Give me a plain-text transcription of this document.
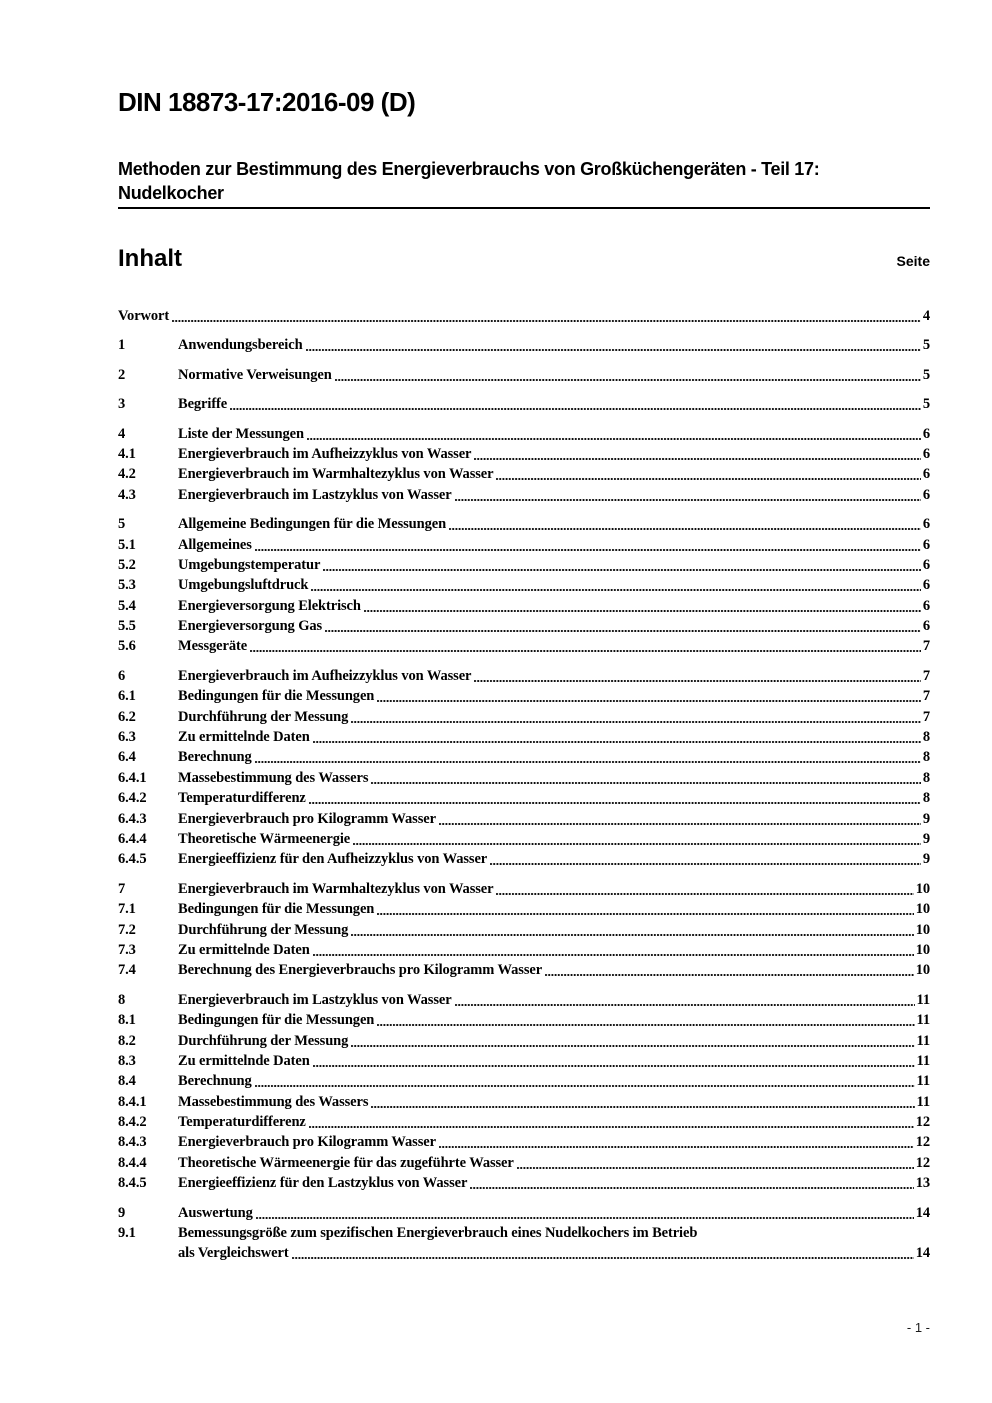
DIN 18873-17:2016-09 (D)
Methoden zur Bestimmung des Energieverbrauchs von Großküchengeräten - Teil 17:
Nudelkocher
Inhalt	Seite
Vorwort	4
1	Anwendungsbereich	5
2	Normative Verweisungen	5
3	Begriffe	5
4	Liste der Messungen	6
4.1	Energieverbrauch im Aufheizzyklus von Wasser	6
4.2	Energieverbrauch im Warmhaltezyklus von Wasser	6
4.3	Energieverbrauch im Lastzyklus von Wasser	6
5	Allgemeine Bedingungen für die Messungen	6
5.1	Allgemeines	6
5.2	Umgebungstemperatur	6
5.3	Umgebungsluftdruck	6
5.4	Energieversorgung Elektrisch	6
5.5	Energieversorgung Gas	6
5.6	Messgeräte	7
6	Energieverbrauch im Aufheizzyklus von Wasser	7
6.1	Bedingungen für die Messungen	7
6.2	Durchführung der Messung	7
6.3	Zu ermittelnde Daten	8
6.4	Berechnung	8
6.4.1	Massebestimmung des Wassers	8
6.4.2	Temperaturdifferenz	8
6.4.3	Energieverbrauch pro Kilogramm Wasser	9
6.4.4	Theoretische Wärmeenergie	9
6.4.5	Energieeffizienz für den Aufheizzyklus von Wasser	9
7	Energieverbrauch im Warmhaltezyklus von Wasser	10
7.1	Bedingungen für die Messungen	10
7.2	Durchführung der Messung	10
7.3	Zu ermittelnde Daten	10
7.4	Berechnung des Energieverbrauchs pro Kilogramm Wasser	10
8	Energieverbrauch im Lastzyklus von Wasser	11
8.1	Bedingungen für die Messungen	11
8.2	Durchführung der Messung	11
8.3	Zu ermittelnde Daten	11
8.4	Berechnung	11
8.4.1	Massebestimmung des Wassers	11
8.4.2	Temperaturdifferenz	12
8.4.3	Energieverbrauch pro Kilogramm Wasser	12
8.4.4	Theoretische Wärmeenergie für das zugeführte Wasser	12
8.4.5	Energieeffizienz für den Lastzyklus von Wasser	13
9	Auswertung	14
9.1	Bemessungsgröße zum spezifischen Energieverbrauch eines Nudelkochers im Betrieb
als Vergleichswert	14
- 1 -
